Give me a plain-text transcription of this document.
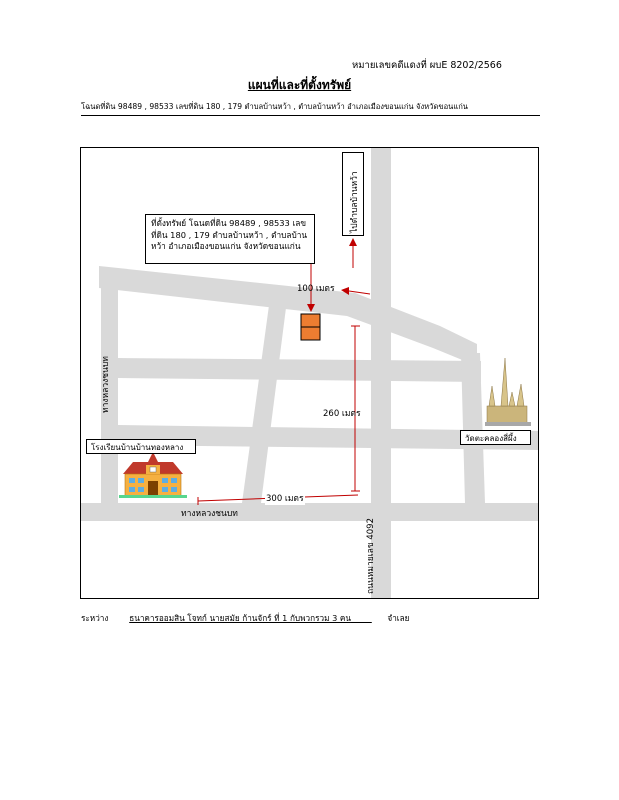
หมายเลขคดีแดงที่ ผบE 8202/2566
แผนที่และที่ตั้งทรัพย์
โฉนดที่ดิน 98489 , 98533 เลขที่ดิน 180 , 179 ตำบลบ้านหว้า , ตำบลบ้านหว้า อำเภอเมืองขอนแก่น จังหวัดขอนแก่น
ไปตำบลบ้านหว้า
ที่ตั้งทรัพย์ โฉนดที่ดิน 98489 , 98533 เลขที่ดิน 180 , 179 ตำบลบ้านหว้า , ตำบลบ้านหว้า อำเภอเมืองขอนแก่น จังหวัดขอนแก่น
โรงเรียนบ้านบ้านทองหลาง
วัดตะคลองสี่ผึ้ง
100 เมตร
260 เมตร
300 เมตร
ทางหลวงชนบท
ทางหลวงชนบท
ถนนหมายเลข 4092
ระหว่าง	ธนาคารออมสิน โจทก์ นายสมัย ก้านจักร์ ที่ 1 กับพวกรวม 3 คน	จำเลย
